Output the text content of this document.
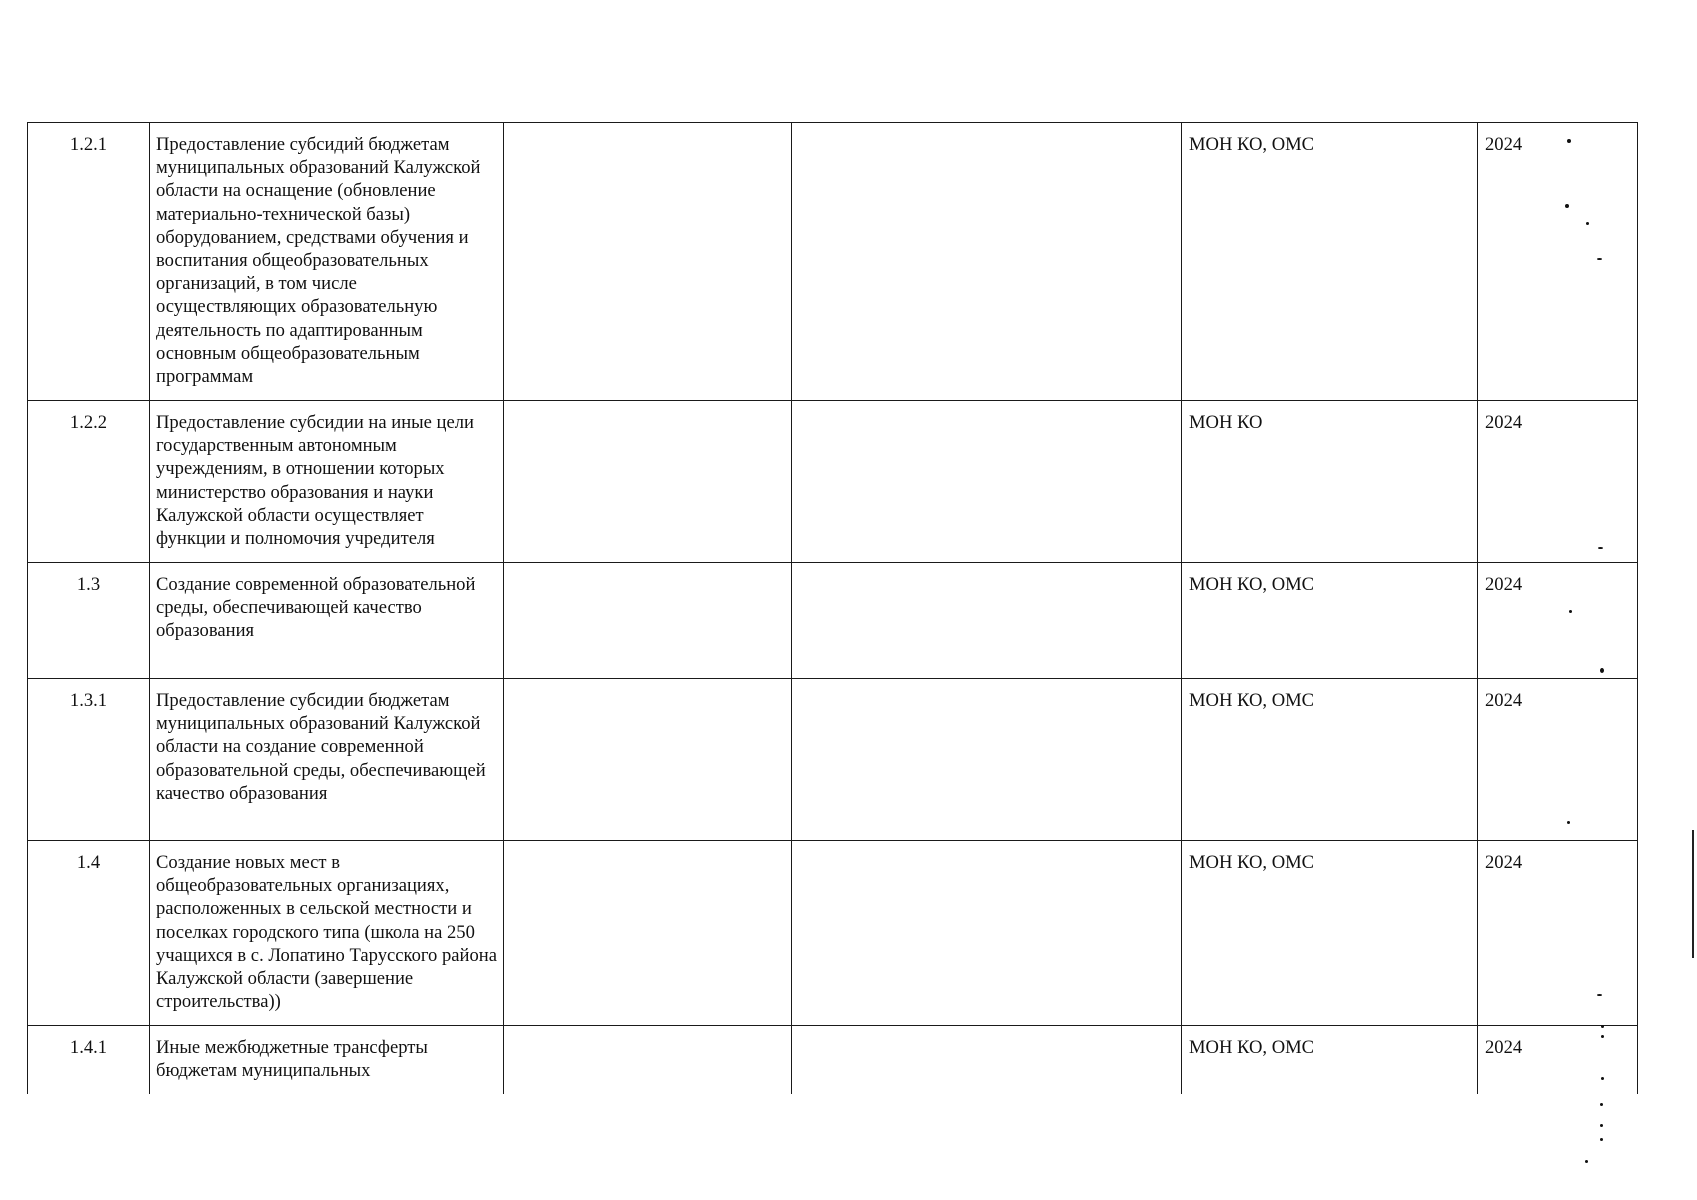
1.2.1	Предоставление субсидий бюджетам муниципальных образований Калужской области на оснащение (обновление материально-технической базы) оборудованием, средствами обучения и воспитания общеобразовательных организаций, в том числе осуществляющих образовательную деятельность по адаптированным основным общеобразовательным программам			МОН КО, ОМС	2024
1.2.2	Предоставление субсидии на иные цели государственным автономным учреждениям, в отношении которых министерство образования и науки Калужской области осуществляет функции и полномочия учредителя			МОН КО	2024
1.3	Создание современной образовательной среды, обеспечивающей качество образования			МОН КО, ОМС	2024
1.3.1	Предоставление субсидии бюджетам муниципальных образований Калужской области на создание современной образовательной среды, обеспечивающей качество образования			МОН КО, ОМС	2024
1.4	Создание новых мест в общеобразовательных организациях, расположенных в сельской местности и поселках городского типа (школа на 250 учащихся в с. Лопатино Тарусского района Калужской области (завершение строительства))			МОН КО, ОМС	2024
1.4.1	Иные межбюджетные трансферты бюджетам муниципальных			МОН КО, ОМС	2024
